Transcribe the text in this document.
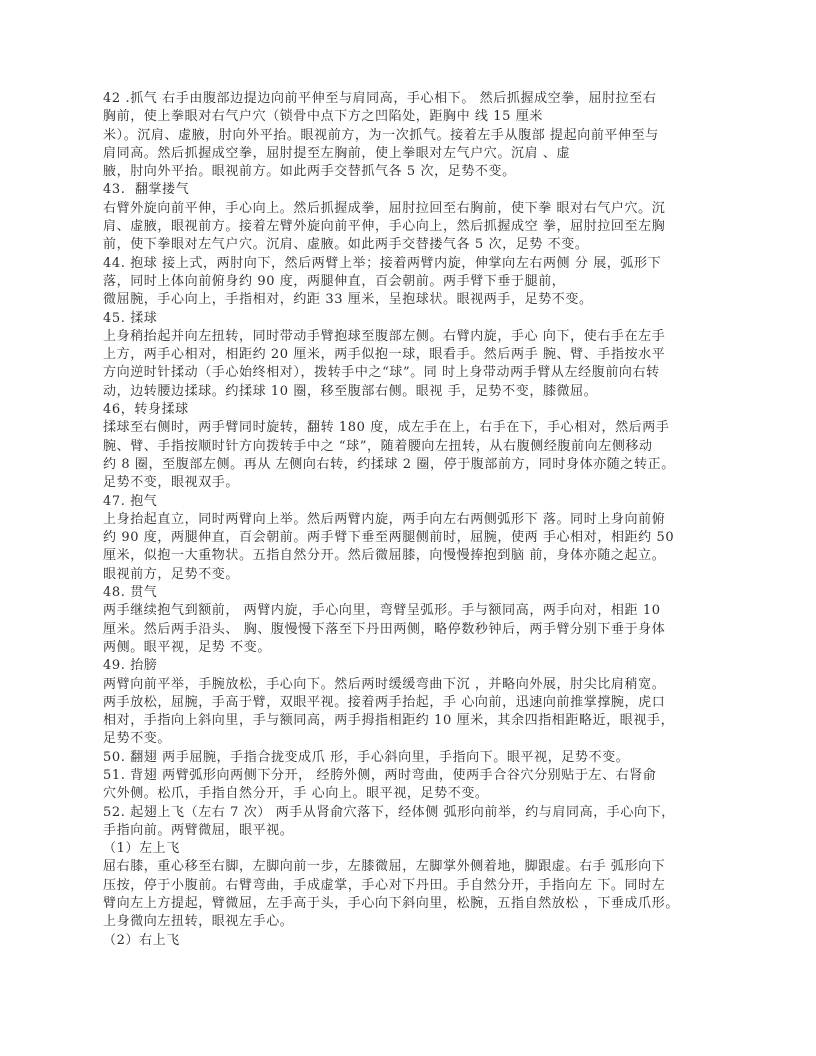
42 .抓气 右手由腹部边提边向前平伸至与肩同高，手心相下。 然后抓握成空拳，屈肘拉至右
胸前，使上拳眼对右气户穴（锁骨中点下方之凹陷处，距胸中 线 15 厘米
米）。沉肩、虚腋，肘向外平抬。眼视前方，为一次抓气。接着左手从腹部 提起向前平伸至与
肩同高。然后抓握成空拳，屈肘提至左胸前，使上拳眼对左气户穴。沉肩 、虚
腋，肘向外平抬。眼视前方。如此两手交替抓气各 5 次，足势不变。
43.  翻掌搂气
右臂外旋向前平伸，手心向上。然后抓握成拳，屈肘拉回至右胸前，使下拳 眼对右气户穴。沉
肩、虚腋，眼视前方。接着左臂外旋向前平伸，手心向上，然后抓握成空 拳，屈肘拉回至左胸
前，使下拳眼对左气户穴。沉肩、虚腋。如此两手交替搂气各 5 次，足势 不变。
44. 抱球 接上式，两肘向下，然后两臂上举；接着两臂内旋，伸掌向左右两侧 分 展，弧形下
落，同时上体向前俯身约 90 度，两腿伸直，百会朝前。两手臂下垂于腿前，
微屈腕，手心向上，手指相对，约距 33 厘米，呈抱球状。眼视两手，足势不变。
45. 揉球
上身稍抬起并向左扭转，同时带动手臂抱球至腹部左侧。右臂内旋，手心 向下，使右手在左手
上方，两手心相对，相距约 20 厘米，两手似抱一球，眼看手。然后两手 腕、臂、手指按水平
方向逆时针揉动（手心始终相对），拨转手中之“球”。同 时上身带动两手臂从左经腹前向右转
动，边转腰边揉球。约揉球 10 圈，移至腹部右侧。眼视 手，足势不变，膝微屈。
46，转身揉球
揉球至右侧时，两手臂同时旋转，翻转 180 度，成左手在上，右手在下，手心相对，然后两手
腕、臂、手指按顺时针方向拨转手中之 “球”，随着腰向左扭转，从右腹侧经腹前向左侧移动
约 8 圈，至腹部左侧。再从 左侧向右转，约揉球 2 圈，停于腹部前方，同时身体亦随之转正。
足势不变，眼视双手。
47. 抱气
上身抬起直立，同时两臂向上举。然后两臂内旋，两手向左右两侧弧形下 落。同时上身向前俯
约 90 度，两腿伸直，百会朝前。两手臂下垂至两腿侧前时，屈腕，使两 手心相对，相距约 50
厘米，似抱一大重物状。五指自然分开。然后微屈膝，向慢慢捧抱到脑 前，身体亦随之起立。
眼视前方，足势不变。
48. 贯气
两手继续抱气到额前， 两臂内旋，手心向里，弯臂呈弧形。手与额同高，两手向对，相距 10
厘米。然后两手沿头、 胸、腹慢慢下落至下丹田两侧，略停数秒钟后，两手臂分别下垂于身体
两侧。眼平视，足势 不变。
49. 抬膀
两臂向前平举，手腕放松，手心向下。然后两时缓缓弯曲下沉 ，并略向外展，肘尖比肩稍宽。
两手放松，屈腕，手高于臂，双眼平视。接着两手抬起，手 心向前，迅速向前推掌撑腕，虎口
相对，手指向上斜向里，手与额同高，两手拇指相距约 10 厘米，其余四指相距略近，眼视手，
足势不变。
50. 翻翅 两手屈腕，手指合拢变成爪 形，手心斜向里，手指向下。眼平视，足势不变。
51. 背翅 两臂弧形向两侧下分开， 经胯外侧，两时弯曲，使两手合谷穴分别贴于左、右肾俞
穴外侧。松爪，手指自然分开，手 心向上。眼平视，足势不变。
52. 起翅上飞（左右 7 次） 两手从肾俞穴落下，经体侧 弧形向前举，约与肩同高，手心向下，
手指向前。两臂微屈，眼平视。
（1）左上飞
屈右膝，重心移至右脚，左脚向前一步，左膝微屈，左脚掌外侧着地，脚跟虚。右手 弧形向下
压按，停于小腹前。右臂弯曲，手成虚掌，手心对下丹田。手自然分开，手指向左 下。同时左
臂向左上方提起，臂微屈，左手高于头，手心向下斜向里，松腕，五指自然放松 ，下垂成爪形。
上身微向左扭转，眼视左手心。
（2）右上飞
